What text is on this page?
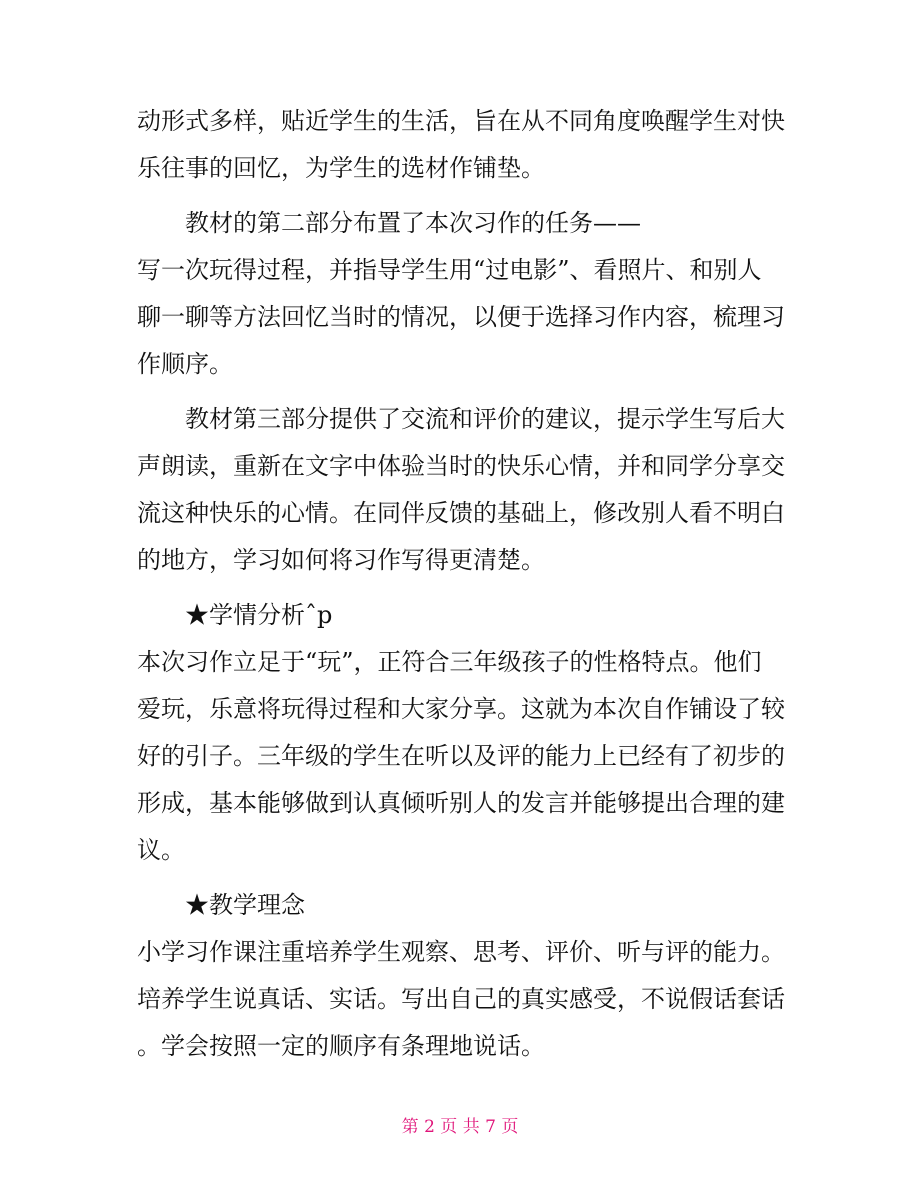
动形式多样，贴近学生的生活，旨在从不同角度唤醒学生对快

乐往事的回忆，为学生的选材作铺垫。

教材的第二部分布置了本次习作的任务——

写一次玩得过程，并指导学生用“过电影”、看照片、和别人

聊一聊等方法回忆当时的情况，以便于选择习作内容，梳理习

作顺序。

教材第三部分提供了交流和评价的建议，提示学生写后大

声朗读，重新在文字中体验当时的快乐心情，并和同学分享交

流这种快乐的心情。在同伴反馈的基础上，修改别人看不明白

的地方，学习如何将习作写得更清楚。

★学情分析ˆp

本次习作立足于“玩”，正符合三年级孩子的性格特点。他们

爱玩，乐意将玩得过程和大家分享。这就为本次自作铺设了较

好的引子。三年级的学生在听以及评的能力上已经有了初步的

形成，基本能够做到认真倾听别人的发言并能够提出合理的建

议。

★教学理念

小学习作课注重培养学生观察、思考、评价、听与评的能力。

培养学生说真话、实话。写出自己的真实感受，不说假话套话

。学会按照一定的顺序有条理地说话。

第 2 页 共 7 页
